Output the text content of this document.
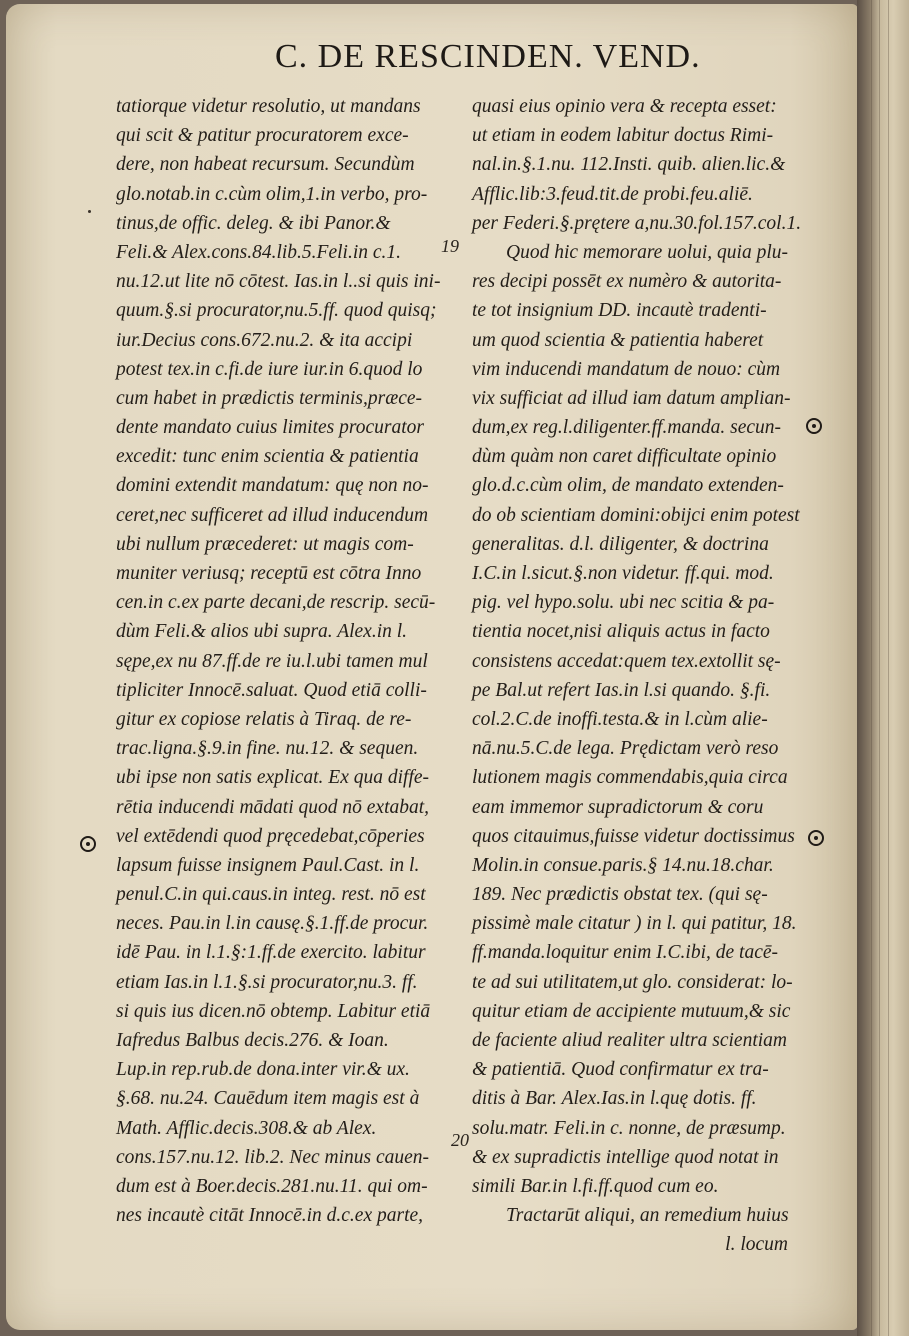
C. DE RESCINDEN. VEND.
tatiorque videtur resolutio, ut mandans
qui scit & patitur procuratorem exce-
dere, non habeat recursum. Secundùm
glo.notab.in c.cùm olim,1.in verbo, pro-
tinus,de offic. deleg. & ibi Panor.&
Feli.& Alex.cons.84.lib.5.Feli.in c.1.
nu.12.ut lite nō cōtest. Ias.in l..si quis ini-
quum.§.si procurator,nu.5.ff. quod quisq;
iur.Decius cons.672.nu.2. & ita accipi
potest tex.in c.fi.de iure iur.in 6.quod lo
cum habet in prædictis terminis,præce-
dente mandato cuius limites procurator
excedit: tunc enim scientia & patientia
domini extendit mandatum: quę non no-
ceret,nec sufficeret ad illud inducendum
ubi nullum præcederet: ut magis com-
muniter veriusq; receptū est cōtra Inno
cen.in c.ex parte decani,de rescrip. secū-
dùm Feli.& alios ubi supra. Alex.in l.
sępe,ex nu 87.ff.de re iu.l.ubi tamen mul
tipliciter Innocē.saluat. Quod etiā colli-
gitur ex copiose relatis à Tiraq. de re-
trac.ligna.§.9.in fine. nu.12. & sequen.
ubi ipse non satis explicat. Ex qua diffe-
rētia inducendi mādati quod nō extabat,
vel extēdendi quod pręcedebat,cōperies
lapsum fuisse insignem Paul.Cast. in l.
penul.C.in qui.caus.in integ. rest. nō est
neces. Pau.in l.in causę.§.1.ff.de procur.
idē Pau. in l.1.§:1.ff.de exercito. labitur
etiam Ias.in l.1.§.si procurator,nu.3. ff.
si quis ius dicen.nō obtemp. Labitur etiā
Iafredus Balbus decis.276. & Ioan.
Lup.in rep.rub.de dona.inter vir.& ux.
§.68. nu.24. Cauēdum item magis est à
Math. Afflic.decis.308.& ab Alex.
cons.157.nu.12. lib.2. Nec minus cauen-
dum est à Boer.decis.281.nu.11. qui om-
nes incautè citāt Innocē.in d.c.ex parte,
quasi eius opinio vera & recepta esset:
ut etiam in eodem labitur doctus Rimi-
nal.in.§.1.nu. 112.Insti. quib. alien.lic.&
Afflic.lib:3.feud.tit.de probi.feu.aliē.
per Federi.§.prętere a,nu.30.fol.157.col.1.
Quod hic memorare uolui, quia plu-
res decipi possēt ex numèro & autorita-
te tot insignium DD. incautè tradenti-
um quod scientia & patientia haberet
vim inducendi mandatum de nouo: cùm
vix sufficiat ad illud iam datum amplian-
dum,ex reg.l.diligenter.ff.manda. secun-
dùm quàm non caret difficultate opinio
glo.d.c.cùm olim, de mandato extenden-
do ob scientiam domini:obijci enim potest
generalitas. d.l. diligenter, & doctrina
I.C.in l.sicut.§.non videtur. ff.qui. mod.
pig. vel hypo.solu. ubi nec scitia & pa-
tientia nocet,nisi aliquis actus in facto
consistens accedat:quem tex.extollit sę-
pe Bal.ut refert Ias.in l.si quando. §.fi.
col.2.C.de inoffi.testa.& in l.cùm alie-
nā.nu.5.C.de lega. Prędictam verò reso
lutionem magis commendabis,quia circa
eam immemor supradictorum & coru
quos citauimus,fuisse videtur doctissimus
Molin.in consue.paris.§ 14.nu.18.char.
189. Nec prædictis obstat tex. (qui sę-
pissimè male citatur ) in l. qui patitur, 18.
ff.manda.loquitur enim I.C.ibi, de tacē-
te ad sui utilitatem,ut glo. considerat: lo-
quitur etiam de accipiente mutuum,& sic
de faciente aliud realiter ultra scientiam
& patientiā. Quod confirmatur ex tra-
ditis à Bar. Alex.Ias.in l.quę dotis. ff.
solu.matr. Feli.in c. nonne, de præsump.
& ex supradictis intellige quod notat in
simili Bar.in l.fi.ff.quod cum eo.
Tractarūt aliqui, an remedium huius
l. locum
19
20
